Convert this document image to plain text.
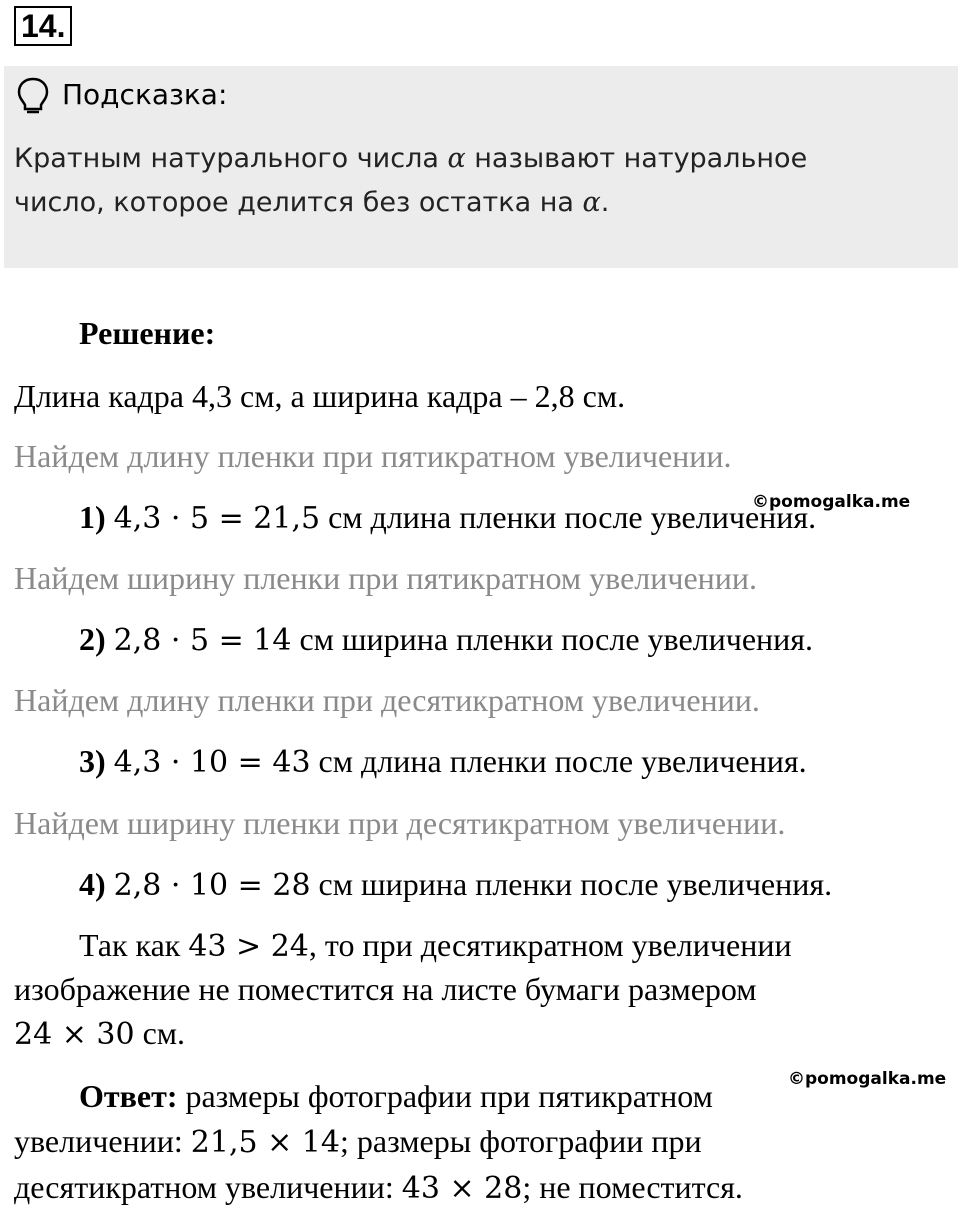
14.
Подсказка:
Кратным натурального числа α называют натуральное
число, которое делится без остатка на α.
Решение:
Длина кадра 4,3 см, а ширина кадра – 2,8 см.
Найдем длину пленки при пятикратном увеличении.
©pomogalka.me
1) 4,3 · 5 = 21,5 см длина пленки после увеличения.
Найдем ширину пленки при пятикратном увеличении.
2) 2,8 · 5 = 14 см ширина пленки после увеличения.
Найдем длину пленки при десятикратном увеличении.
3) 4,3 · 10 = 43 см длина пленки после увеличения.
Найдем ширину пленки при десятикратном увеличении.
4) 2,8 · 10 = 28 см ширина пленки после увеличения.
Так как 43 > 24, то при десятикратном увеличении
изображение не поместится на листе бумаги размером
24 × 30 см.
©pomogalka.me
Ответ: размеры фотографии при пятикратном
увеличении: 21,5 × 14; размеры фотографии при
десятикратном увеличении: 43 × 28; не поместится.
